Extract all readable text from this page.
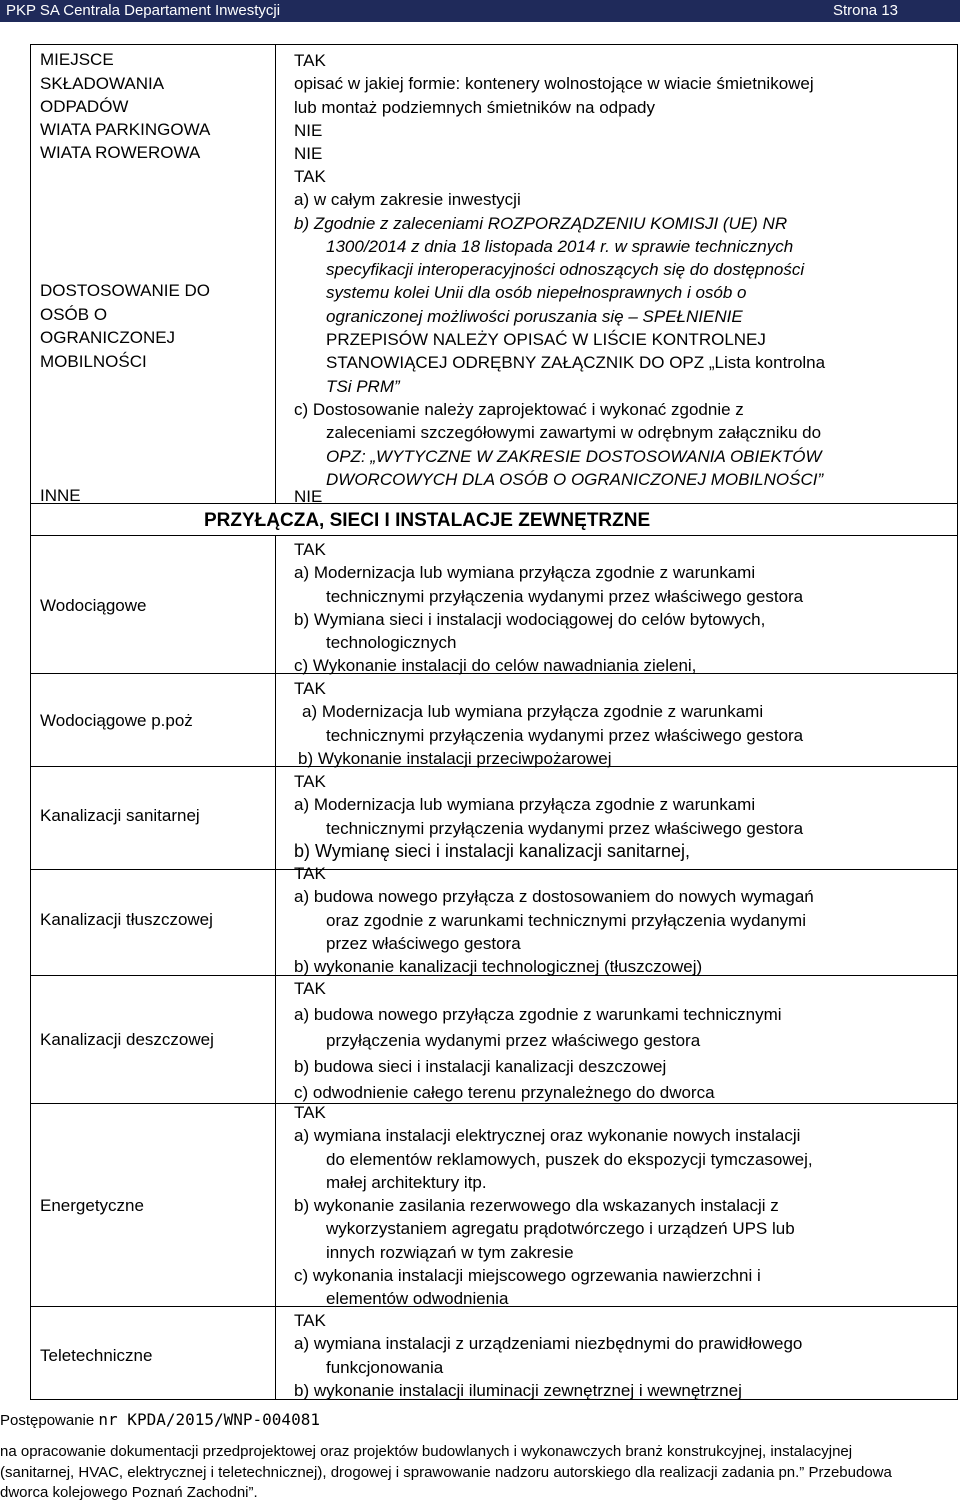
PKP SA Centrala Departament Inwestycji	Strona 13
MIEJSCE
SKŁADOWANIA
ODPADÓW
WIATA PARKINGOWA
WIATA ROWEROWA
DOSTOSOWANIE DO
OSÓB O
OGRANICZONEJ
MOBILNOŚCI
INNE
TAK
opisać w jakiej formie: kontenery wolnostojące w wiacie śmietnikowej
lub montaż podziemnych śmietników na odpady
NIE
NIE
TAK
a) w całym zakresie inwestycji
b) Zgodnie z zaleceniami ROZPORZĄDZENIU KOMISJI (UE) NR
1300/2014 z dnia 18 listopada 2014 r. w sprawie technicznych
specyfikacji interoperacyjności odnoszących się do dostępności
systemu kolei Unii dla osób niepełnosprawnych i osób o
ograniczonej możliwości poruszania się – SPEŁNIENIE
PRZEPISÓW NALEŻY OPISAĆ W LIŚCIE KONTROLNEJ
STANOWIĄCEJ ODRĘBNY ZAŁĄCZNIK DO OPZ „Lista kontrolna
TSi PRM”
c) Dostosowanie należy zaprojektować i wykonać zgodnie z
zaleceniami szczegółowymi zawartymi w odrębnym załączniku do
OPZ: „WYTYCZNE W ZAKRESIE DOSTOSOWANIA OBIEKTÓW
DWORCOWYCH DLA OSÓB O OGRANICZONEJ MOBILNOŚCI”
NIE
PRZYŁĄCZA, SIECI I INSTALACJE ZEWNĘTRZNE
Wodociągowe
Wodociągowe p.poż
Kanalizacji sanitarnej
Kanalizacji tłuszczowej
Kanalizacji deszczowej
Energetyczne
Teletechniczne
TAK
a) Modernizacja lub wymiana przyłącza zgodnie z warunkami
technicznymi przyłączenia wydanymi przez właściwego gestora
b) Wymiana sieci i instalacji wodociągowej do celów bytowych,
technologicznych
c) Wykonanie instalacji do celów nawadniania zieleni,
TAK
a) Modernizacja lub wymiana przyłącza zgodnie z warunkami
technicznymi przyłączenia wydanymi przez właściwego gestora
b) Wykonanie instalacji przeciwpożarowej
TAK
a) Modernizacja lub wymiana przyłącza zgodnie z warunkami
technicznymi przyłączenia wydanymi przez właściwego gestora
b) Wymianę sieci i instalacji kanalizacji sanitarnej,
TAK
a) budowa nowego przyłącza z dostosowaniem do nowych wymagań
oraz zgodnie z warunkami technicznymi przyłączenia wydanymi
przez właściwego gestora
b) wykonanie kanalizacji technologicznej (tłuszczowej)
TAK
a) budowa nowego przyłącza zgodnie z warunkami technicznymi
przyłączenia wydanymi przez właściwego gestora
b) budowa sieci i instalacji kanalizacji deszczowej
c) odwodnienie całego terenu przynależnego do dworca
TAK
a) wymiana instalacji elektrycznej oraz wykonanie nowych instalacji
do elementów reklamowych, puszek do ekspozycji tymczasowej,
małej architektury itp.
b) wykonanie zasilania rezerwowego dla wskazanych instalacji z
wykorzystaniem agregatu prądotwórczego i urządzeń UPS lub
innych rozwiązań w tym zakresie
c) wykonania instalacji miejscowego ogrzewania nawierzchni i
elementów odwodnienia
TAK
a) wymiana instalacji z urządzeniami niezbędnymi do prawidłowego
funkcjonowania
b) wykonanie instalacji iluminacji zewnętrznej i wewnętrznej
Postępowanie nr KPDA/2015/WNP-004081
na opracowanie dokumentacji przedprojektowej oraz projektów budowlanych i wykonawczych branż konstrukcyjnej, instalacyjnej
(sanitarnej, HVAC, elektrycznej i teletechnicznej), drogowej i sprawowanie nadzoru autorskiego dla realizacji zadania pn.” Przebudowa
dworca kolejowego Poznań Zachodni”.
